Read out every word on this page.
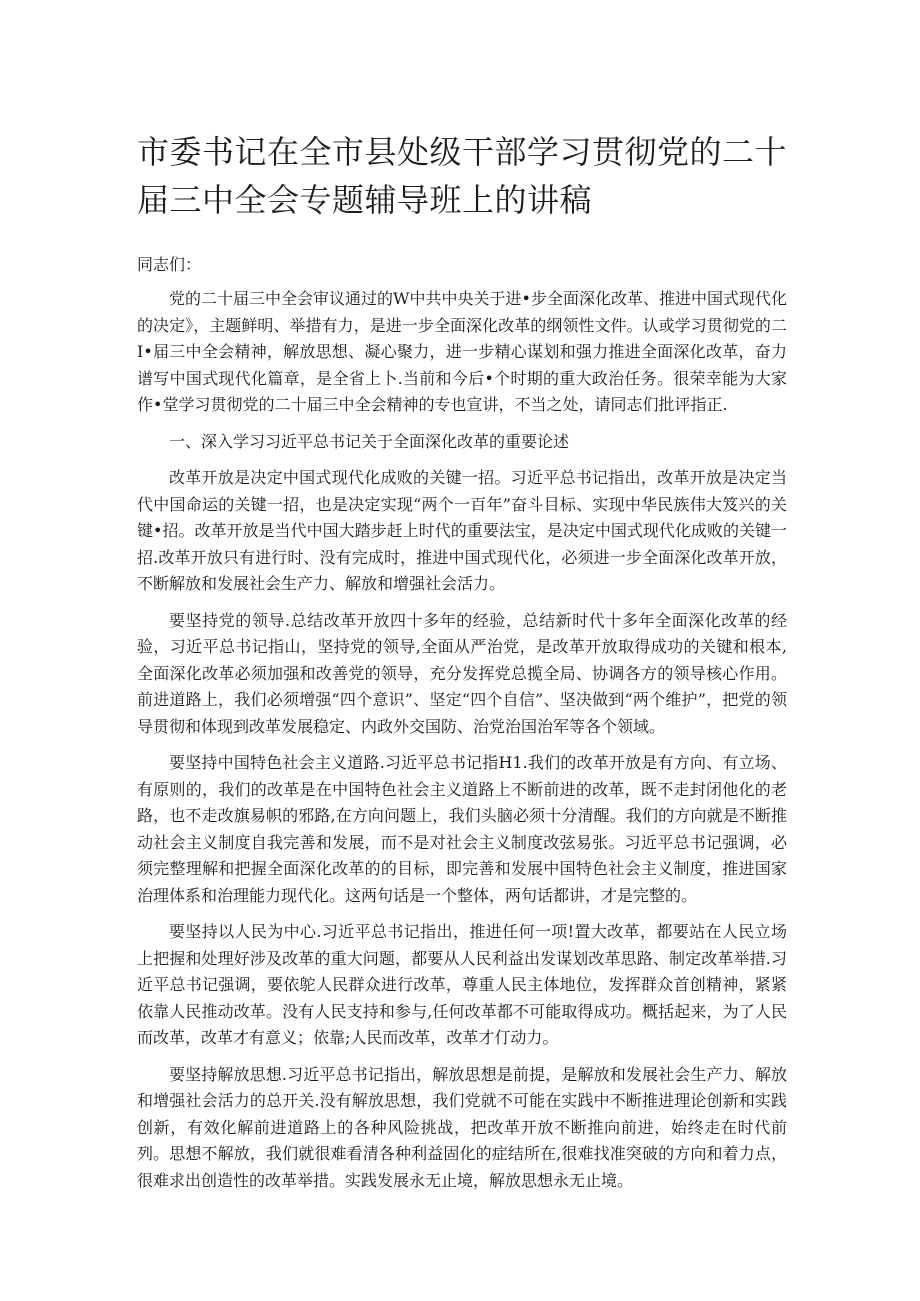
市委书记在全市县处级干部学习贯彻党的二十届三中全会专题辅导班上的讲稿

同志们：

党的二十届三中全会审议通过的W中共中央关于进•步全面深化改革、推进中国式现代化的决定》，主题鲜明、举措有力，是进一步全面深化改革的纲领性文件。认或学习贯彻党的二I•届三中全会精神，解放思想、凝心聚力，进一步精心谋划和强力推进全面深化改革，奋力谱写中国式现代化篇章，是全省上卜.当前和今后•个时期的重大政治任务。很荣幸能为大家作•堂学习贯彻党的二十届三中全会精神的专也宣讲，不当之处，请同志们批评指正.

一、深入学习习近平总书记关于全面深化改革的重要论述

改革开放是决定中国式现代化成败的关键一招。习近平总书记指出，改革开放是决定当代中国命运的关键一招，也是决定实现“两个一百年”奋斗目标、实现中华民族伟大笈兴的关键•招。改革开放是当代中国大踏步赶上时代的重要法宝，是决定中国式现代化成败的关键一招.改革开放只有进行时、没有完成时，推进中国式现代化，必须进一步全面深化改革开放，不断解放和发展社会生产力、解放和增强社会活力。

要坚持党的领导.总结改革开放四十多年的经验，总结新时代十多年全面深化改革的经验，习近平总书记指山，坚持党的领导,全面从严治党，是改革开放取得成功的关键和根本,全面深化改革必须加强和改善党的领导，充分发挥党总揽全局、协调各方的领导核心作用。前进道路上，我们必须增强“四个意识”、坚定“四个自信”、坚决做到“两个维护”，把党的领导贯彻和体现到改革发展稳定、内政外交国防、治党治国治军等各个领域。

要坚持中国特色社会主义道路.习近平总书记指H1.我们的改革开放是有方向、有立场、有原则的，我们的改革是在中国特色社会主义道路上不断前进的改革，既不走封闭他化的老路，也不走改旗易帜的邪路,在方向问题上，我们头脑必须十分清醒。我们的方向就是不断推动社会主义制度自我完善和发展，而不是对社会主义制度改弦易张。习近平总书记强调，必须完整理解和把握全面深化改革的的目标，即完善和发展中国特色社会主义制度，推进国家治理体系和治理能力现代化。这两句话是一个整体，两句话都讲，才是完整的。

要坚持以人民为中心.习近平总书记指出，推进任何一项!置大改革，都要站在人民立场上把握和处理好涉及改革的重大问题，都要从人民利益出发谋划改革思路、制定改革举措.习近平总书记强调，要依鸵人民群众进行改革，尊重人民主体地位，发挥群众首创精神，紧紧依靠人民推动改革。没有人民支持和参与,任何改革都不可能取得成功。概括起来，为了人民而改革，改革才有意义；依靠;人民而改革，改革才仃动力。

要坚持解放思想.习近平总书记指出，解放思想是前提，是解放和发展社会生产力、解放和增强社会活力的总开关.没有解放思想，我们党就不可能在实践中不断推进理论创新和实践创新，有效化解前进道路上的各种风险挑战，把改革开放不断推向前进，始终走在时代前列。思想不解放，我们就很难看清各种利益固化的症结所在,很难找准突破的方向和着力点，很难求出创造性的改革举措。实践发展永无止境，解放思想永无止境。
